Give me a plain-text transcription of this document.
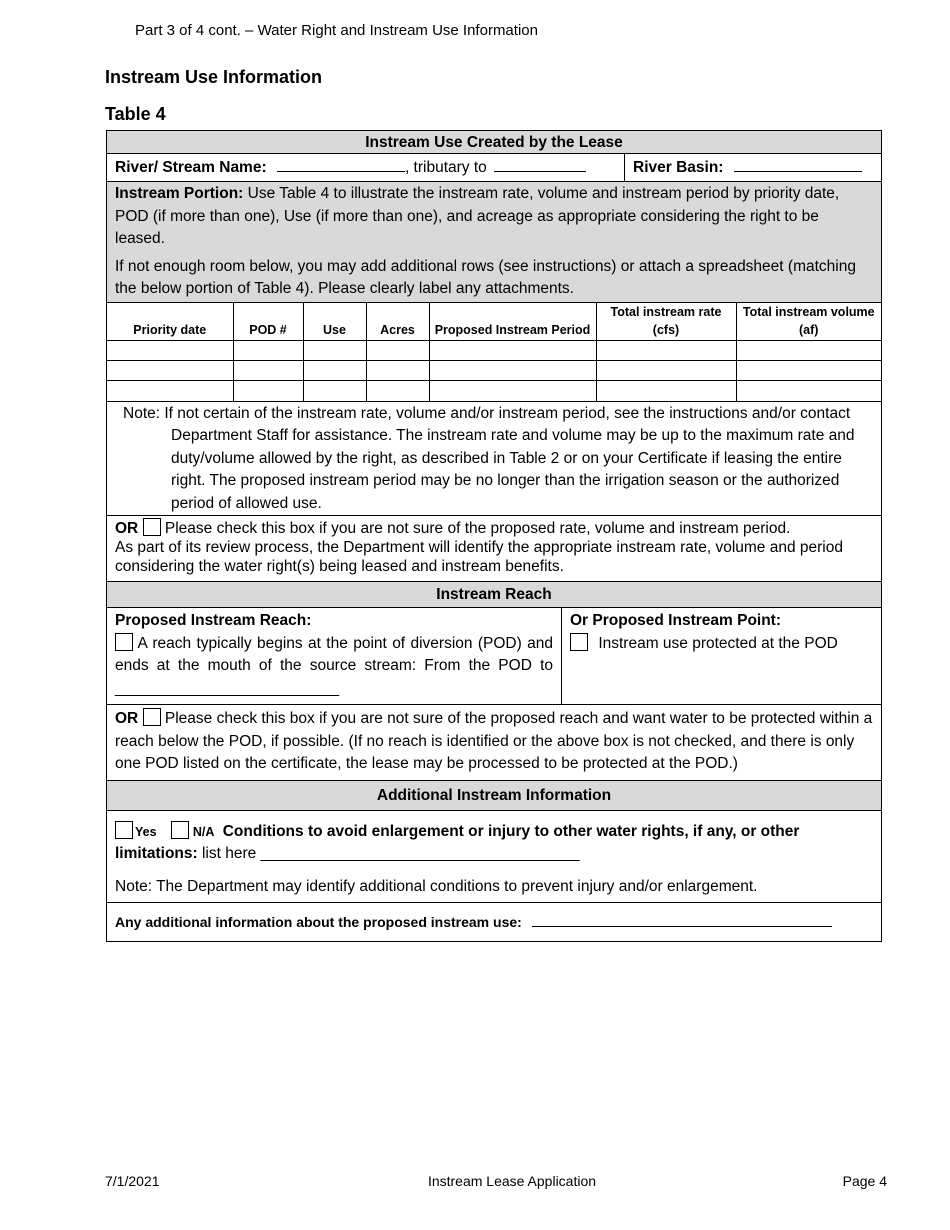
Part 3 of 4 cont. – Water Right and Instream Use Information
Instream Use Information
Table 4
Instream Use Created by the Lease
River/ Stream Name:	, tributary to	River Basin:
Instream Portion: Use Table 4 to illustrate the instream rate, volume and instream period by priority date, POD (if more than one), Use (if more than one), and acreage as appropriate considering the right to be leased.
If not enough room below, you may add additional rows (see instructions) or attach a spreadsheet (matching the below portion of Table 4). Please clearly label any attachments.
Priority date	POD #	Use	Acres	Proposed Instream Period	Total instream rate (cfs)	Total instream volume (af)

Note: If not certain of the instream rate, volume and/or instream period, see the instructions and/or contact Department Staff for assistance. The instream rate and volume may be up to the maximum rate and duty/volume allowed by the right, as described in Table 2 or on your Certificate if leasing the entire right. The proposed instream period may be no longer than the irrigation season or the authorized period of allowed use.
OR Please check this box if you are not sure of the proposed rate, volume and instream period.
As part of its review process, the Department will identify the appropriate instream rate, volume and period considering the water right(s) being leased and instream benefits.
Instream Reach
Proposed Instream Reach:
A reach typically begins at the point of diversion (POD) and ends at the mouth of the source stream: From the POD to __________________________
Or Proposed Instream Point:
Instream use protected at the POD
OR Please check this box if you are not sure of the proposed reach and want water to be protected within a reach below the POD, if possible. (If no reach is identified or the above box is not checked, and there is only one POD listed on the certificate, the lease may be processed to be protected at the POD.)
Additional Instream Information
Yes	N/A Conditions to avoid enlargement or injury to other water rights, if any, or other limitations: list here _____________________________________
Note: The Department may identify additional conditions to prevent injury and/or enlargement.
Any additional information about the proposed instream use:
7/1/2021	Instream Lease Application	Page 4
